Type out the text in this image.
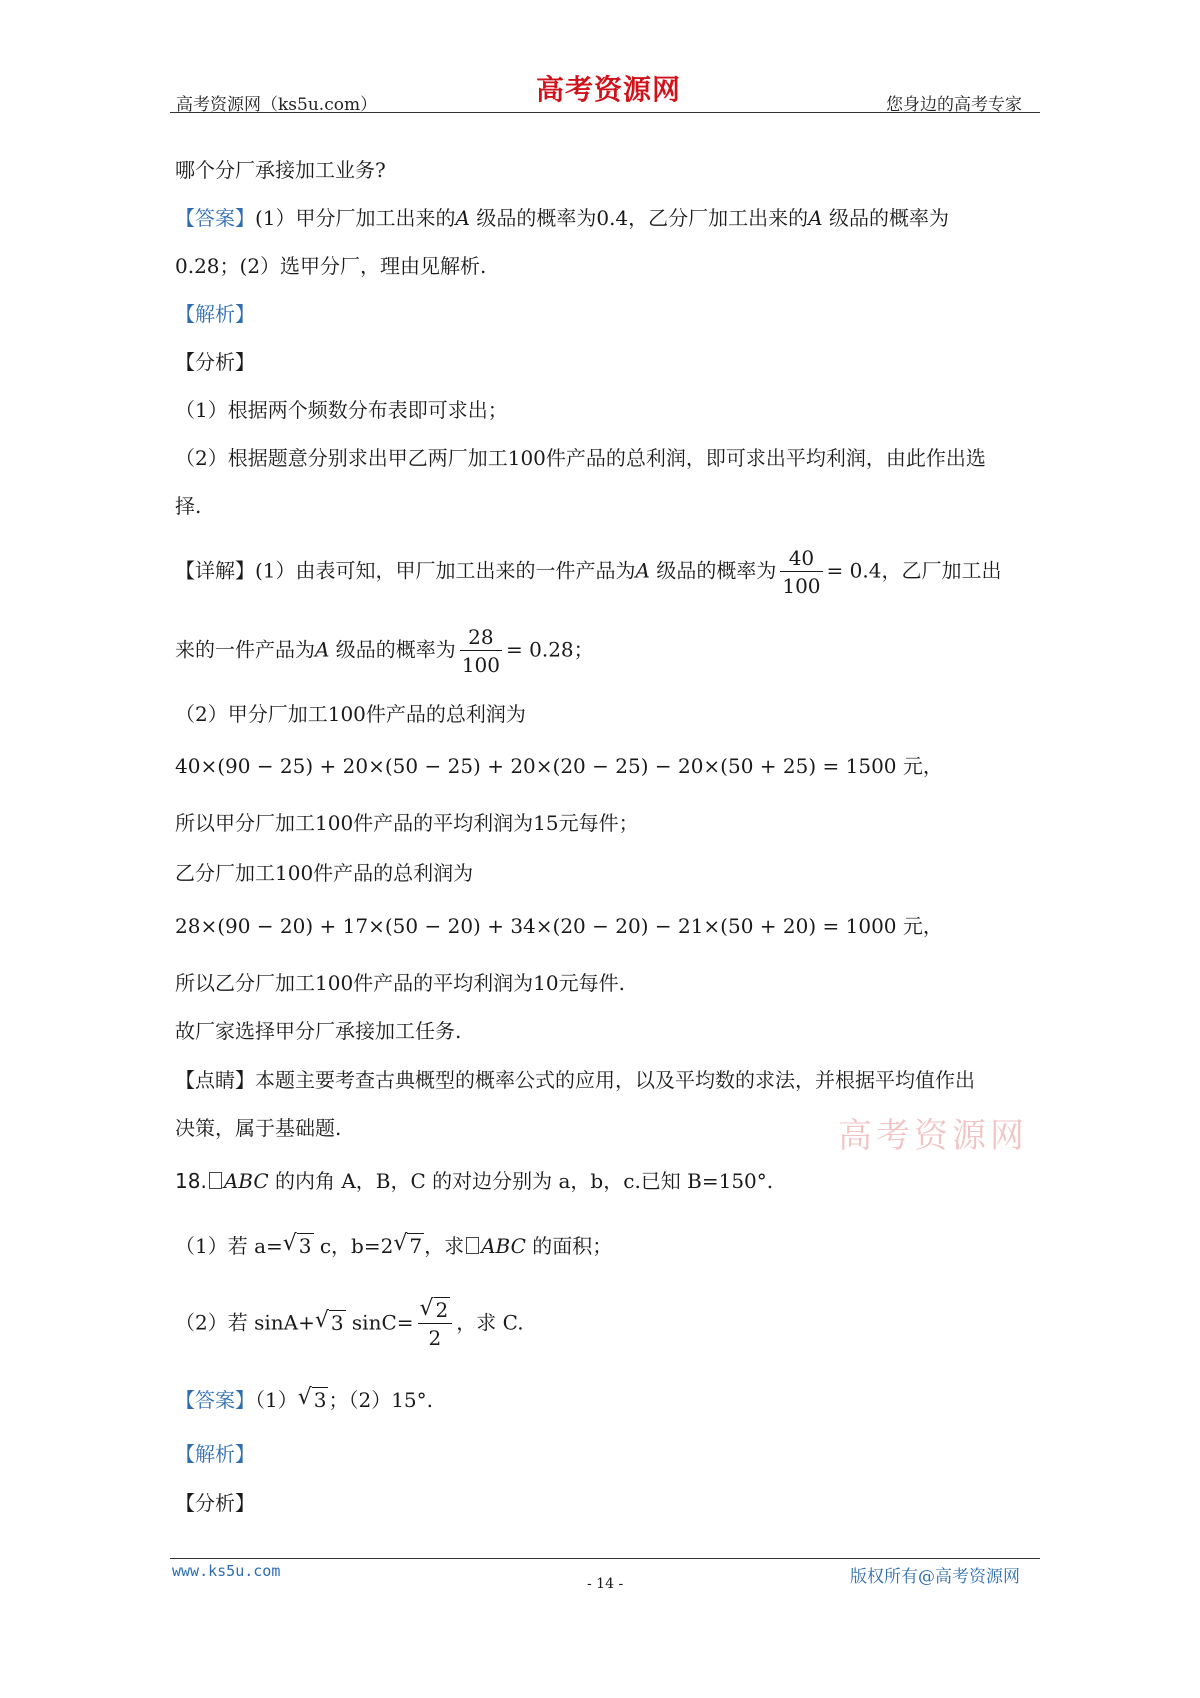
高考资源网（ks5u.com）	高考资源网	您身边的高考专家
哪个分厂承接加工业务?
【答案】(1）甲分厂加工出来的A 级品的概率为0.4，乙分厂加工出来的A 级品的概率为
0.28；(2）选甲分厂，理由见解析.
【解析】
【分析】
（1）根据两个频数分布表即可求出；
（2）根据题意分别求出甲乙两厂加工100件产品的总利润，即可求出平均利润，由此作出选
择.
【详解】(1）由表可知，甲厂加工出来的一件产品为A 级品的概率为 $\frac{40}{100} = 0.4$，乙厂加工出
来的一件产品为A 级品的概率为 $\frac{28}{100} = 0.28$；
（2）甲分厂加工100件产品的总利润为
40×(90 − 25) + 20×(50 − 25) + 20×(20 − 25) − 20×(50 + 25) = 1500 元，
所以甲分厂加工100件产品的平均利润为15元每件；
乙分厂加工100件产品的总利润为
28×(90 − 20) + 17×(50 − 20) + 34×(20 − 20) − 21×(50 + 20) = 1000 元，
所以乙分厂加工100件产品的平均利润为10元每件.
故厂家选择甲分厂承接加工任务.
【点睛】本题主要考查古典概型的概率公式的应用，以及平均数的求法，并根据平均值作出
决策，属于基础题.	高考资源网
18. ABC 的内角 A，B，C 的对边分别为 a，b，c.已知 B=150°.
（1）若 a= √ 3 c，b=2 √ 7 ，求 ABC 的面积；
（2）若 sinA+ √ 3 $\sin C= \frac{√ 2}{2}$ ，求 C.
【答案】（1） √ 3 ；（2）15°.
【解析】
【分析】
www.ks5u.com
- 14 -	版权所有@高考资源网
